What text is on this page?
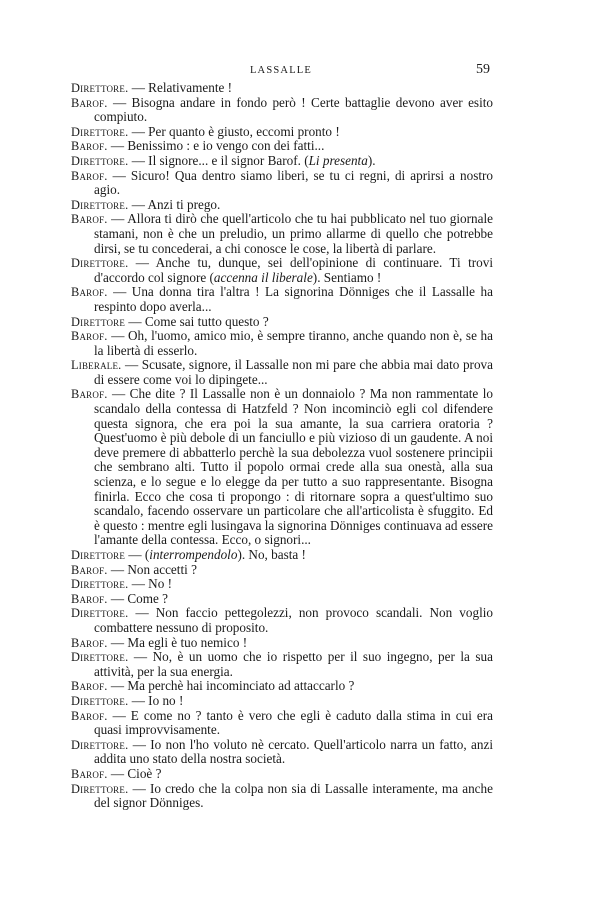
LASSALLE	59

Direttore. — Relativamente !

Barof. — Bisogna andare in fondo però ! Certe battaglie devono aver esito compiuto.

Direttore. — Per quanto è giusto, eccomi pronto !

Barof. — Benissimo : e io vengo con dei fatti...

Direttore. — Il signore... e il signor Barof. (Li presenta).

Barof. — Sicuro! Qua dentro siamo liberi, se tu ci regni, di aprirsi a nostro agio.

Direttore. — Anzi ti prego.

Barof. — Allora ti dirò che quell'articolo che tu hai pubblicato nel tuo giornale stamani, non è che un preludio, un primo allarme di quello che potrebbe dirsi, se tu concederai, a chi conosce le cose, la libertà di parlare.

Direttore. — Anche tu, dunque, sei dell'opinione di continuare. Ti trovi d'accordo col signore (accenna il liberale). Sentiamo !

Barof. — Una donna tira l'altra ! La signorina Dönniges che il Lassalle ha respinto dopo averla...

Direttore — Come sai tutto questo ?

Barof. — Oh, l'uomo, amico mio, è sempre tiranno, anche quando non è, se ha la libertà di esserlo.

Liberale. — Scusate, signore, il Lassalle non mi pare che abbia mai dato prova di essere come voi lo dipingete...

Barof. — Che dite ? Il Lassalle non è un donnaiolo ? Ma non rammentate lo scandalo della contessa di Hatzfeld ? Non incominciò egli col difendere questa signora, che era poi la sua amante, la sua carriera oratoria ? Quest'uomo è più debole di un fanciullo e più vizioso di un gaudente. A noi deve premere di abbatterlo perchè la sua debolezza vuol sostenere principii che sembrano alti. Tutto il popolo ormai crede alla sua onestà, alla sua scienza, e lo segue e lo elegge da per tutto a suo rappresentante. Bisogna finirla. Ecco che cosa ti propongo : di ritornare sopra a quest'ultimo suo scandalo, facendo osservare un particolare che all'articolista è sfuggito. Ed è questo : mentre egli lusingava la signorina Dönniges continuava ad essere l'amante della contessa. Ecco, o signori...

Direttore — (interrompendolo). No, basta !

Barof. — Non accetti ?

Direttore. — No !

Barof. — Come ?

Direttore. — Non faccio pettegolezzi, non provoco scandali. Non voglio combattere nessuno di proposito.

Barof. — Ma egli è tuo nemico !

Direttore. — No, è un uomo che io rispetto per il suo ingegno, per la sua attività, per la sua energia.

Barof. — Ma perchè hai incominciato ad attaccarlo ?

Direttore. — Io no !

Barof. — E come no ? tanto è vero che egli è caduto dalla stima in cui era quasi improvvisamente.

Direttore. — Io non l'ho voluto nè cercato. Quell'articolo narra un fatto, anzi addita uno stato della nostra società.

Barof. — Cioè ?

Direttore. — Io credo che la colpa non sia di Lassalle interamente, ma anche del signor Dönniges.
